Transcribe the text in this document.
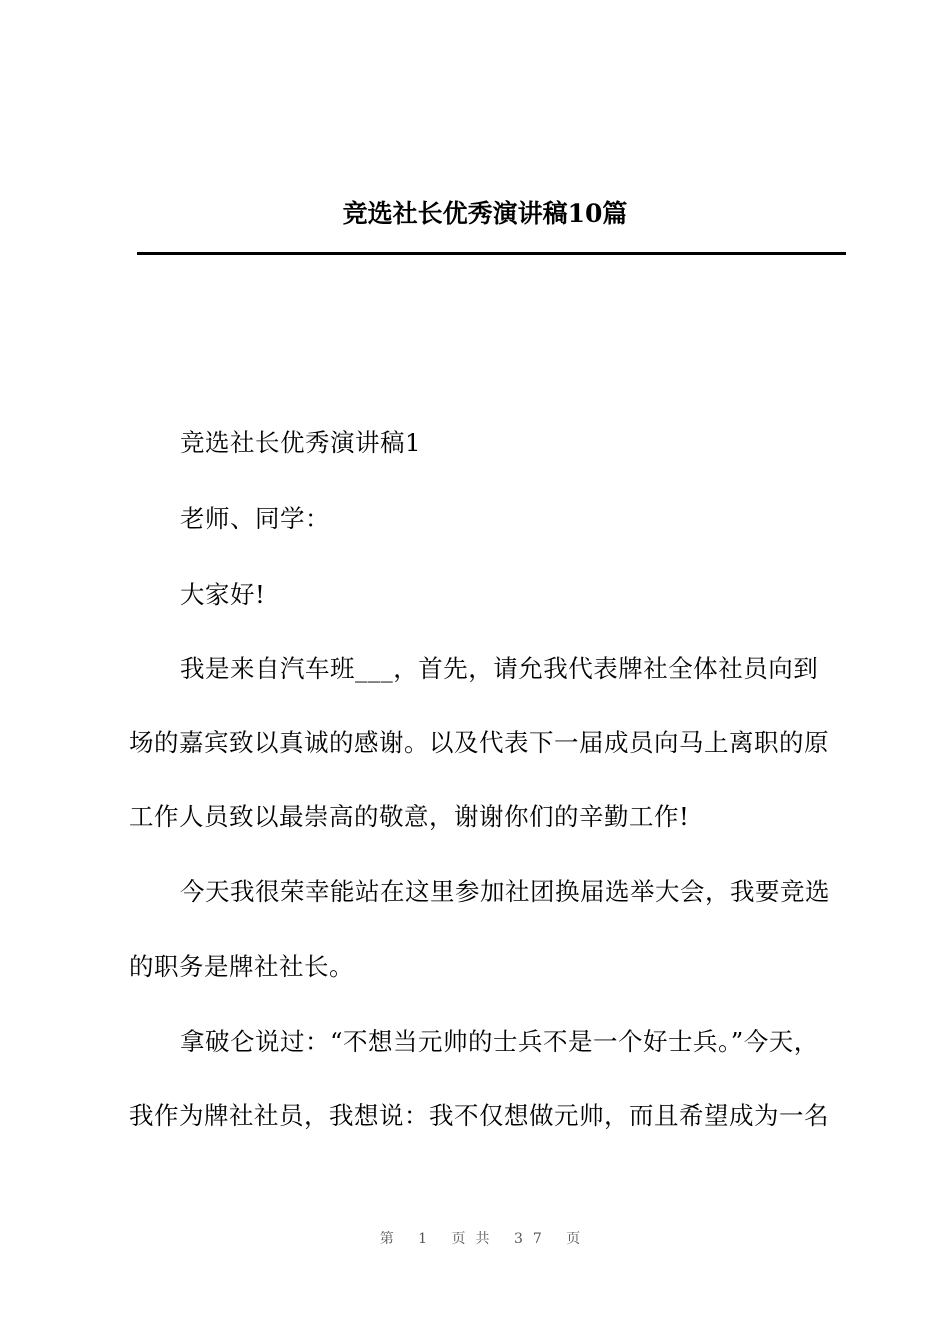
竞选社长优秀演讲稿10篇
竞选社长优秀演讲稿1
老师、同学：
大家好!
我是来自汽车班___，首先，请允我代表牌社全体社员向到
场的嘉宾致以真诚的感谢。以及代表下一届成员向马上离职的原
工作人员致以最崇高的敬意，谢谢你们的辛勤工作!
今天我很荣幸能站在这里参加社团换届选举大会，我要竞选
的职务是牌社社长。
拿破仑说过：“不想当元帅的士兵不是一个好士兵。”今天，
我作为牌社社员，我想说：我不仅想做元帅，而且希望成为一名
第 1 页共 37 页
